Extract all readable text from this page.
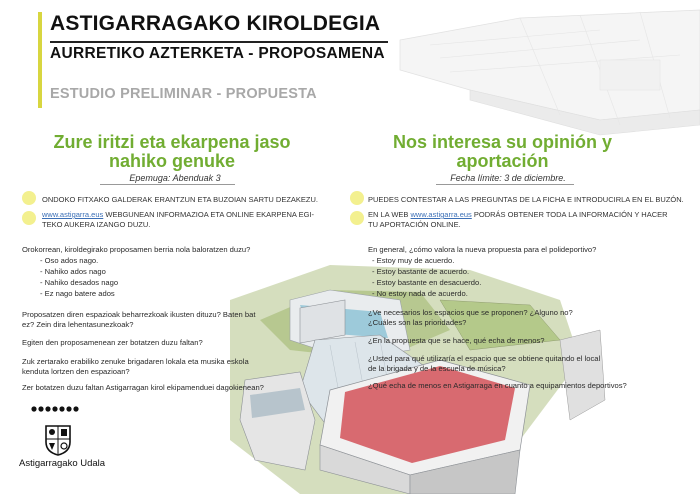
ASTIGARRAGAKO KIROLDEGIA
AURRETIKO AZTERKETA - PROPOSAMENA
ESTUDIO PRELIMINAR - PROPUESTA
Zure iritzi eta ekarpena jaso
nahiko genuke
Nos interesa su opinión y
aportación

Epemuga: Abenduak 3	Fecha límite: 3 de diciembre.

ONDOKO FITXAKO GALDERAK ERANTZUN ETA BUZOIAN SARTU DEZAKEZU.

www.astigarra.eus WEBGUNEAN INFORMAZIOA ETA ONLINE EKARPENA EGI-
TEKO AUKERA IZANGO DUZU.

PUEDES CONTESTAR A LAS PREGUNTAS DE LA FICHA E INTRODUCIRLA EN EL BUZÓN.

EN LA WEB www.astigarra.eus PODRÁS OBTENER TODA LA INFORMACIÓN Y HACER
TU APORTACIÓN ONLINE.

Orokorrean, kiroldegirako proposamen berria nola baloratzen duzu?

- Oso ados nago.

- Nahiko ados nago

- Nahiko desados nago

- Ez nago batere ados

Proposatzen diren espazioak beharrezkoak ikusten dituzu? Baten bat

ez? Zein dira lehentasunezkoak?

Egiten den proposamenean zer botatzen duzu faltan?

Zuk zertarako erabiliko zenuke brigadaren lokala eta musika eskola

kenduta lortzen den espazioan?

Zer botatzen duzu faltan Astigarragan kirol ekipamenduei dagokienean?

En general, ¿cómo valora la nueva propuesta para el polideportivo?

- Estoy muy de acuerdo.

- Estoy bastante de acuerdo.

- Estoy bastante en desacuerdo.

- No estoy nada de acuerdo.

¿Ve necesarios los espacios que se proponen? ¿Alguno no?

¿Cuáles son las prioridades?

¿En la propuesta que se hace, qué echa de menos?

¿Usted para qué utilizaría el espacio que se obtiene quitando el local

de la brigada y de la escuela de música?

¿Qué echa de menos en Astigarraga en cuanto a equipamientos deportivos?

Astigarragako Udala
